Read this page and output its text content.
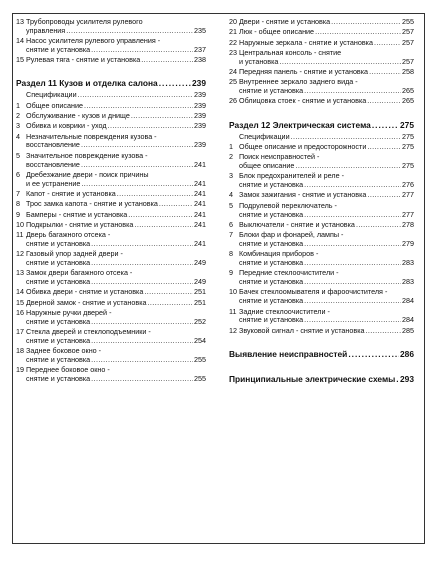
13 Трубопроводы усилителя рулевого
управления .....	235
14 Насос усилителя рулевого управления -
снятие и установка .....	237
15 Рулевая тяга - снятие и установка .....	238
Раздел 11 Кузов и отделка салона .....	239
Спецификации .....	239
1 Общее описание .....	239
2 Обслуживание - кузов и днище .....	239
3 Обивка и коврики - уход .....	239
4 Незначительные повреждения кузова -
восстановление .....	239
5 Значительное повреждение кузова -
восстановление .....	241
6 Дребезжание двери - поиск причины
и ее устранение .....	241
7 Капот - снятие и установка .....	241
8 Трос замка капота - снятие и установка .....	241
9 Бамперы - снятие и установка .....	241
10 Подкрылки - снятие и установка .....	241
11 Дверь багажного отсека -
снятие и установка .....	241
12 Газовый упор задней двери -
снятие и установка .....	249
13 Замок двери багажного отсека -
снятие и установка .....	249
14 Обивка двери - снятие и установка .....	251
15 Дверной замок - снятие и установка .....	251
16 Наружные ручки дверей -
снятие и установка .....	252
17 Стекла дверей и стеклоподъемники -
снятие и установка .....	254
18 Заднее боковое окно -
снятие и установка .....	255
19 Переднее боковое окно -
снятие и установка .....	255
20 Двери - снятие и установка .....	255
21 Люк - общее описание .....	257
22 Наружные зеркала - снятие и установка .....	257
23 Центральная консоль - снятие
и установка .....	257
24 Передняя панель - снятие и установка .....	258
25 Внутреннее зеркало заднего вида -
снятие и установка .....	265
26 Облицовка стоек - снятие и установка .....	265
Раздел 12 Электрическая система .....	275
Спецификации .....	275
1 Общее описание и предосторожности .....	275
2 Поиск неисправностей -
общее описание .....	275
3 Блок предохранителей и реле -
снятие и установка .....	276
4 Замок зажигания - снятие и установка .....	277
5 Подрулевой переключатель -
снятие и установка .....	277
6 Выключатели - снятие и установка .....	278
7 Блоки фар и фонарей, лампы -
снятие и установка .....	279
8 Комбинация приборов -
снятие и установка .....	283
9 Передние стеклоочистители -
снятие и установка .....	283
10 Бачек стеклоомывателя и фароочистителя -
снятие и установка .....	284
11 Задние стеклоочистители -
снятие и установка .....	284
12 Звуковой сигнал - снятие и установка .....	285
Выявление неисправностей .....	286
Принципиальные электрические схемы ..... 293
